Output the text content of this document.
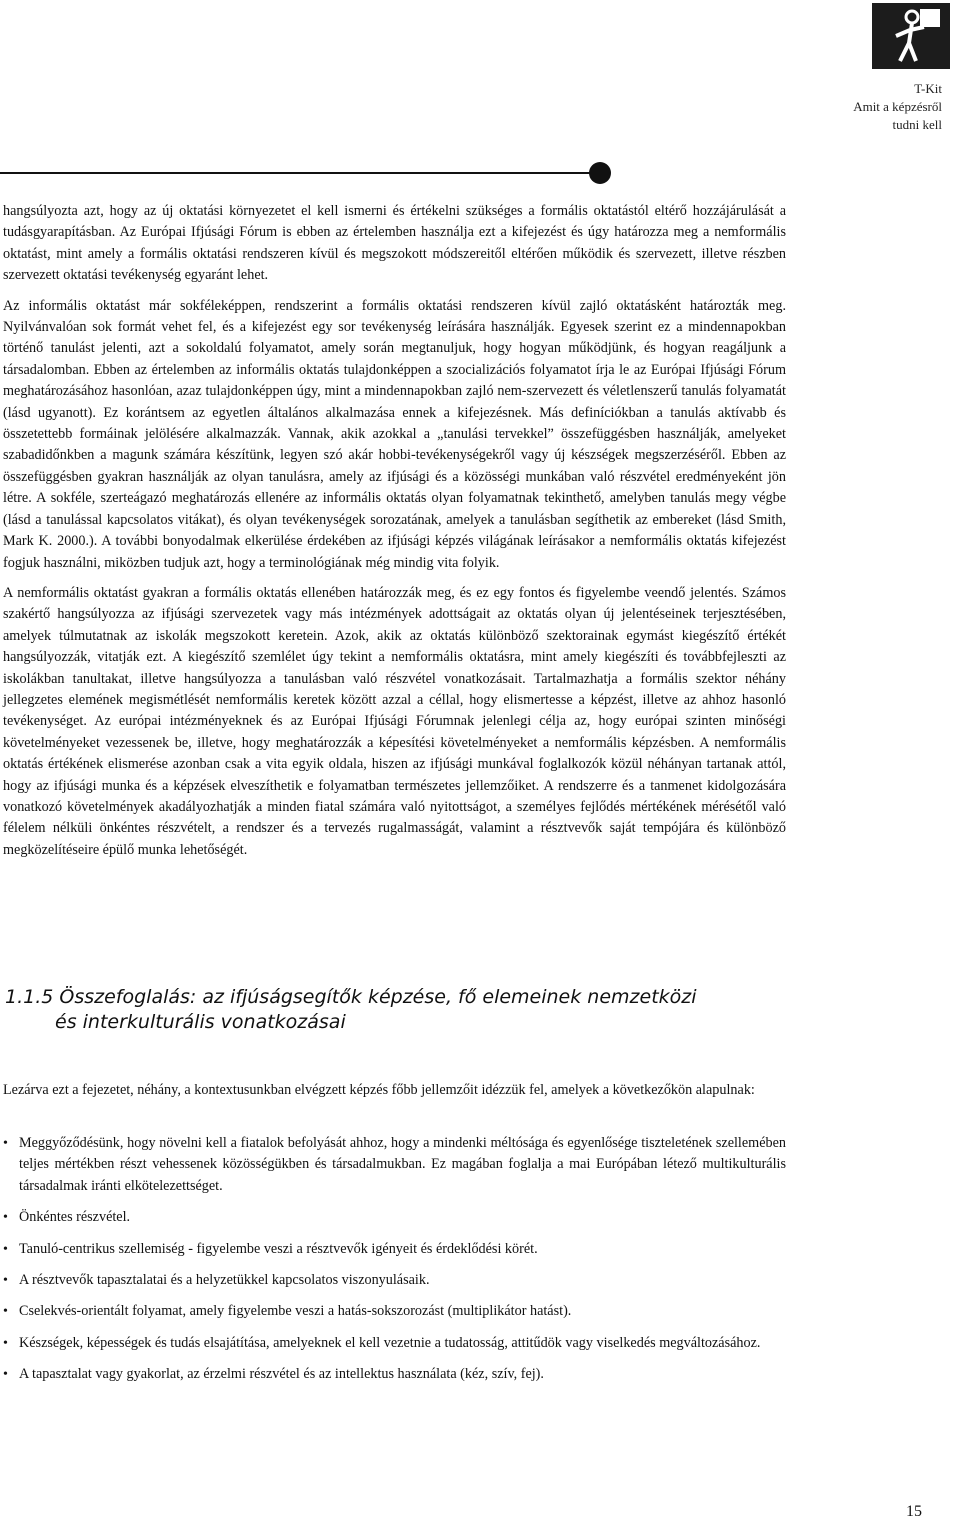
T-Kit
Amit a képzésről
tudni kell

hangsúlyozta azt, hogy az új oktatási környezetet el kell ismerni és értékelni szükséges a formális oktatástól eltérő hozzájárulását a tudásgyarapításban. Az Európai Ifjúsági Fórum is ebben az értelemben használja ezt a kifejezést és úgy határozza meg a nemformális oktatást, mint amely a formális oktatási rendszeren kívül és megszokott módszereitől eltérően működik és szervezett, illetve részben szervezett oktatási tevékenység egyaránt lehet.

Az informális oktatást már sokféleképpen, rendszerint a formális oktatási rendszeren kívül zajló oktatásként határozták meg. Nyilvánvalóan sok formát vehet fel, és a kifejezést egy sor tevékenység leírására használják. Egyesek szerint ez a mindennapokban történő tanulást jelenti, azt a sokoldalú folyamatot, amely során megtanuljuk, hogy hogyan működjünk, és hogyan reagáljunk a társadalomban. Ebben az értelemben az informális oktatás tulajdonképpen a szocializációs folyamatot írja le az Európai Ifjúsági Fórum meghatározásához hasonlóan, azaz tulajdonképpen úgy, mint a mindennapokban zajló nem-szervezett és véletlenszerű tanulás folyamatát (lásd ugyanott). Ez korántsem az egyetlen általános alkalmazása ennek a kifejezésnek. Más definíciókban a tanulás aktívabb és összetettebb formáinak jelölésére alkalmazzák. Vannak, akik azokkal a „tanulási tervekkel” összefüggésben használják, amelyeket szabadidőnkben a magunk számára készítünk, legyen szó akár hobbi-tevékenységekről vagy új készségek megszerzéséről. Ebben az összefüggésben gyakran használják az olyan tanulásra, amely az ifjúsági és a közösségi munkában való részvétel eredményeként jön létre. A sokféle, szerteágazó meghatározás ellenére az informális oktatás olyan folyamatnak tekinthető, amelyben tanulás megy végbe (lásd a tanulással kapcsolatos vitákat), és olyan tevékenységek sorozatának, amelyek a tanulásban segíthetik az embereket (lásd Smith, Mark K. 2000.). A további bonyodalmak elkerülése érdekében az ifjúsági képzés világának leírásakor a nemformális oktatás kifejezést fogjuk használni, miközben tudjuk azt, hogy a terminológiának még mindig vita folyik.

A nemformális oktatást gyakran a formális oktatás ellenében határozzák meg, és ez egy fontos és figyelembe veendő jelentés. Számos szakértő hangsúlyozza az ifjúsági szervezetek vagy más intézmények adottságait az oktatás olyan új jelentéseinek terjesztésében, amelyek túlmutatnak az iskolák megszokott keretein. Azok, akik az oktatás különböző szektorainak egymást kiegészítő értékét hangsúlyozzák, vitatják ezt. A kiegészítő szemlélet úgy tekint a nemformális oktatásra, mint amely kiegészíti és továbbfejleszti az iskolákban tanultakat, illetve hangsúlyozza a tanulásban való részvétel vonatkozásait. Tartalmazhatja a formális szektor néhány jellegzetes elemének megismétlését nemformális keretek között azzal a céllal, hogy elismertesse a képzést, illetve az ahhoz hasonló tevékenységet. Az európai intézményeknek és az Európai Ifjúsági Fórumnak jelenlegi célja az, hogy európai szinten minőségi követelményeket vezessenek be, illetve, hogy meghatározzák a képesítési követelményeket a nemformális képzésben. A nemformális oktatás értékének elismerése azonban csak a vita egyik oldala, hiszen az ifjúsági munkával foglalkozók közül néhányan tartanak attól, hogy az ifjúsági munka és a képzések elveszíthetik e folyamatban természetes jellemzőiket. A rendszerre és a tanmenet kidolgozására vonatkozó követelmények akadályozhatják a minden fiatal számára való nyitottságot, a személyes fejlődés mértékének mérésétől való félelem nélküli önkéntes részvételt, a rendszer és a tervezés rugalmasságát, valamint a résztvevők saját tempójára és különböző megközelítéseire épülő munka lehetőségét.

1.1.5 Összefoglalás: az ifjúságsegítők képzése, fő elemeinek nemzetközi
és interkulturális vonatkozásai

Lezárva ezt a fejezetet, néhány, a kontextusunkban elvégzett képzés főbb jellemzőit idézzük fel, amelyek a következőkön alapulnak:

• Meggyőződésünk, hogy növelni kell a fiatalok befolyását ahhoz, hogy a mindenki méltósága és egyenlősége tiszteletének szellemében teljes mértékben részt vehessenek közösségükben és társadalmukban. Ez magában foglalja a mai Európában létező multikulturális társadalmak iránti elkötelezettséget.
• Önkéntes részvétel.
• Tanuló-centrikus szellemiség - figyelembe veszi a résztvevők igényeit és érdeklődési körét.
• A résztvevők tapasztalatai és a helyzetükkel kapcsolatos viszonyulásaik.
• Cselekvés-orientált folyamat, amely figyelembe veszi a hatás-sokszorozást (multiplikátor hatást).
• Készségek, képességek és tudás elsajátítása, amelyeknek el kell vezetnie a tudatosság, attitűdök vagy viselkedés megváltozásához.
• A tapasztalat vagy gyakorlat, az érzelmi részvétel és az intellektus használata (kéz, szív, fej).
15
